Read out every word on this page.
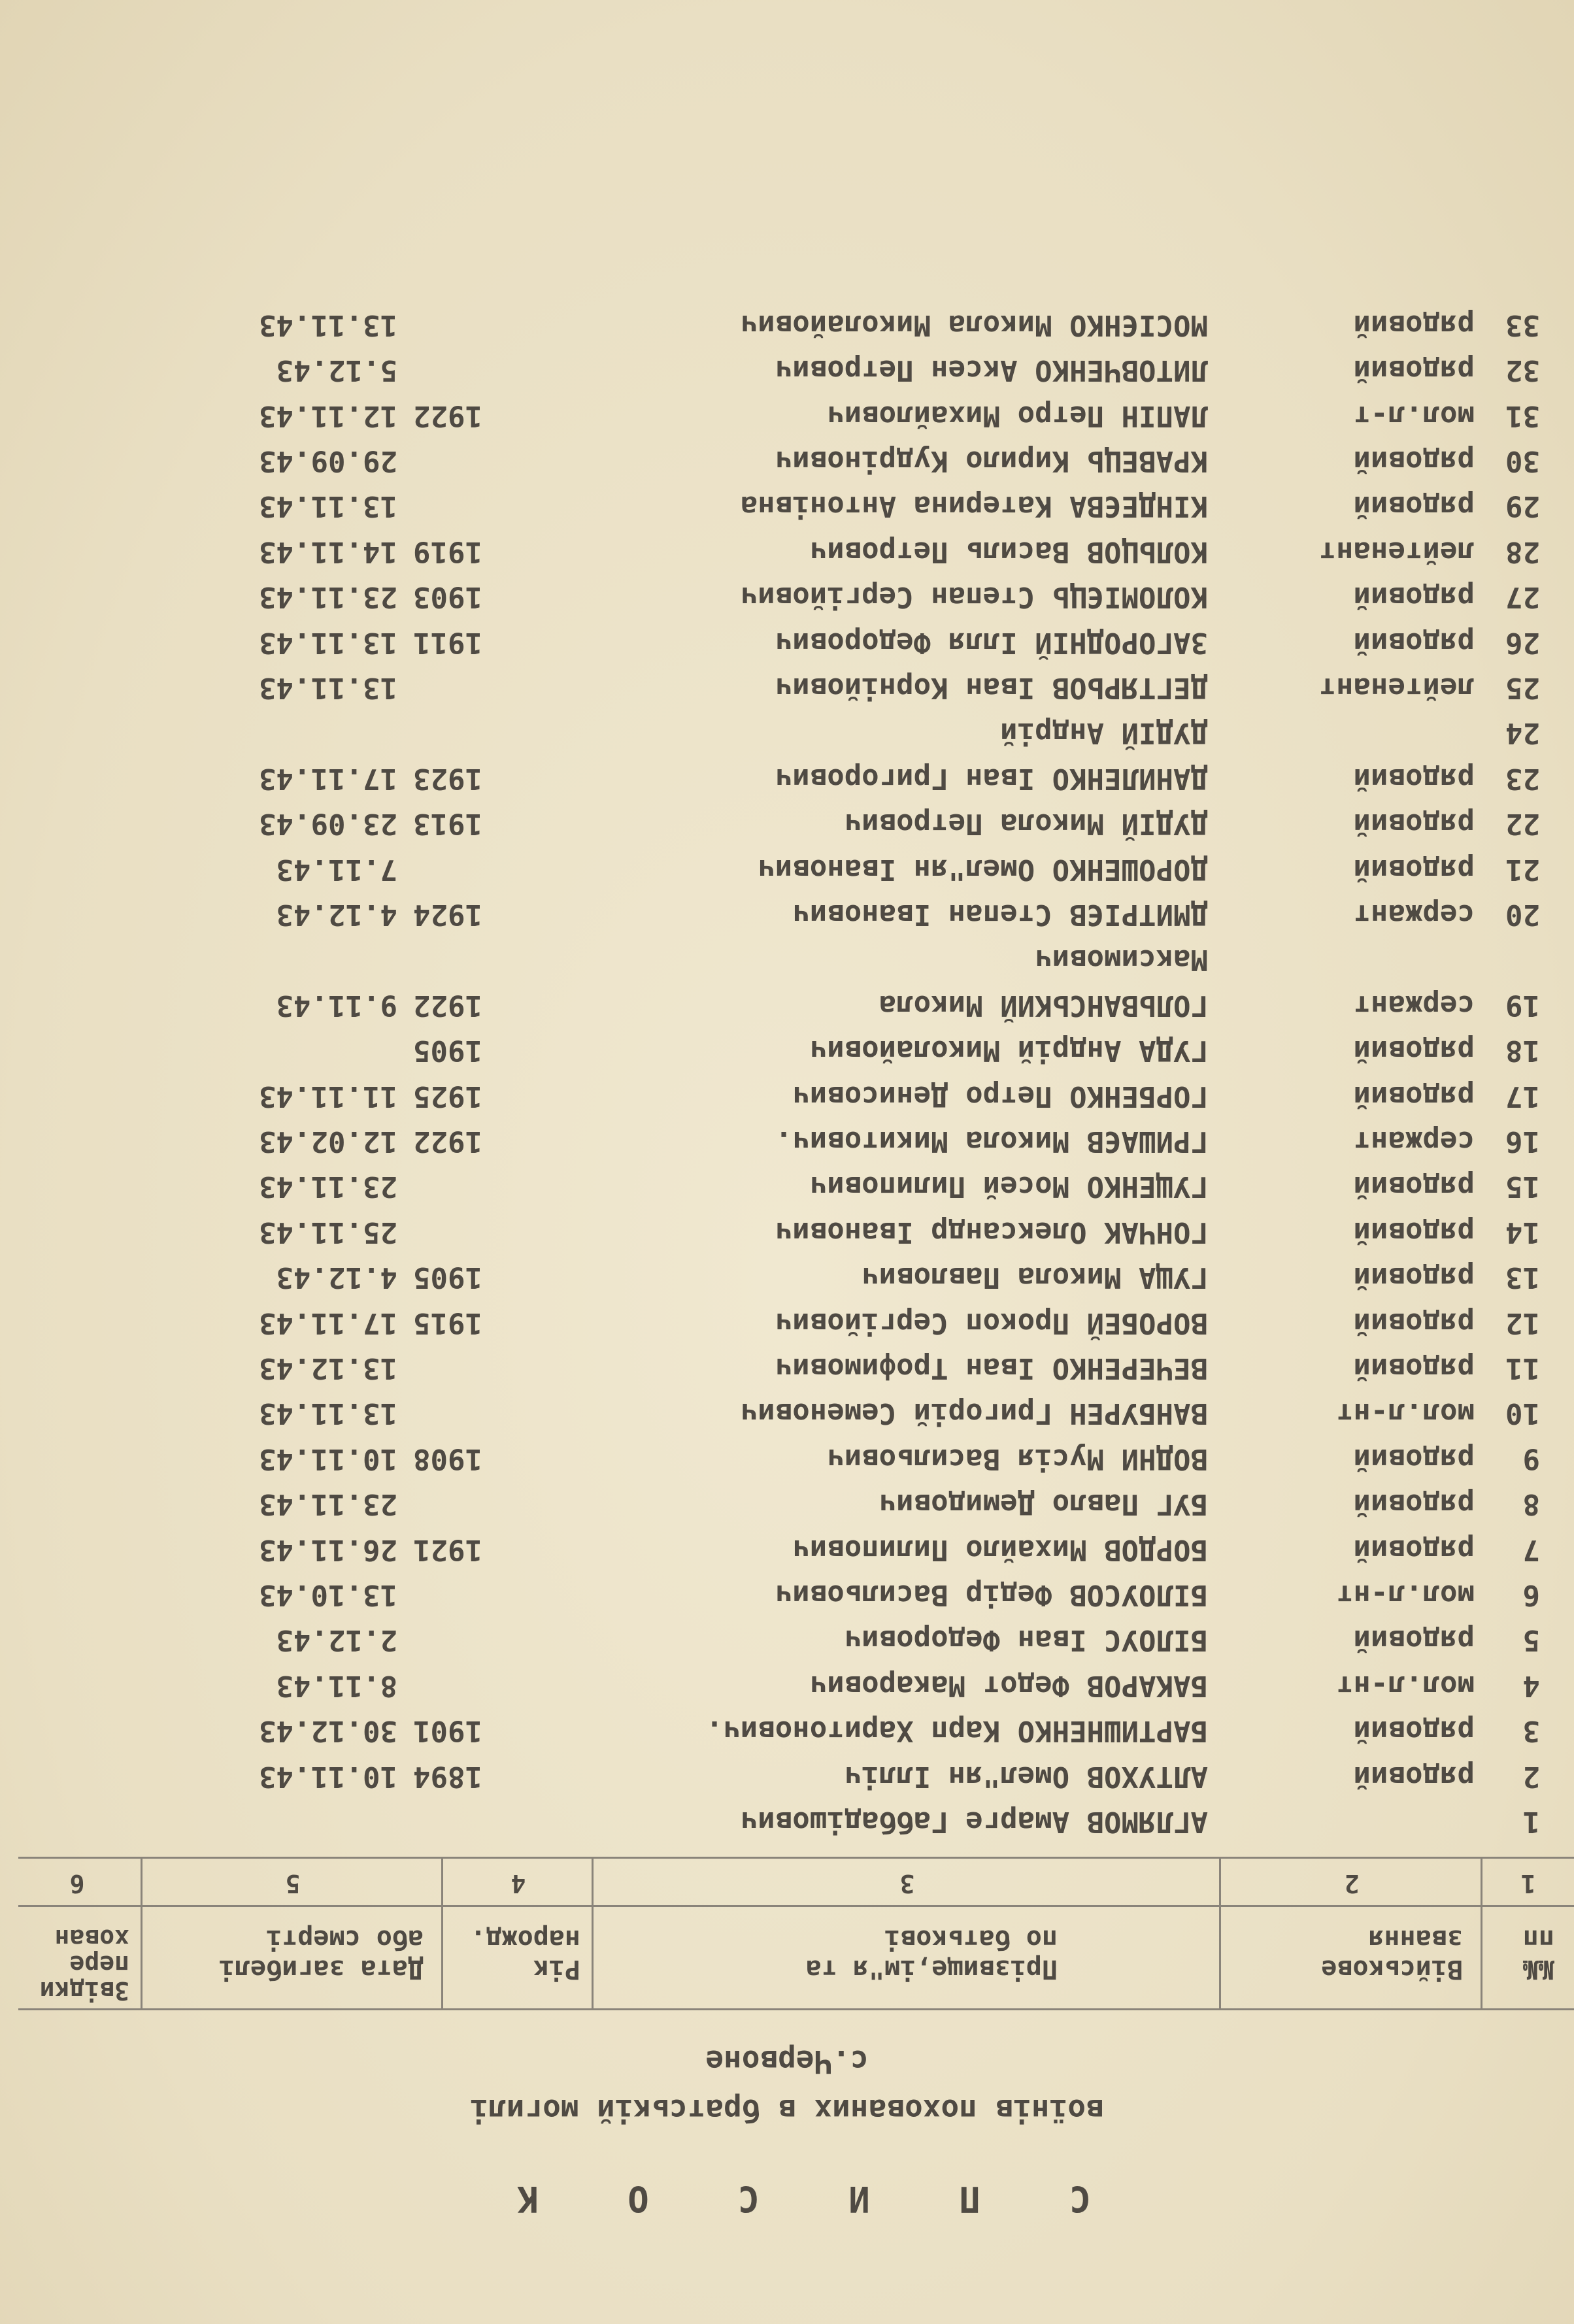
С П И С О К
воїнів похованих в братській могилі
с.Червоне
№№
пп
Військове
звання
Прізвище,ім"я та
по батькові
Рік
нарожд.
Дата загибелі
або смерті
Звідки
пере
хован
1
2
3
4
5
6
1
АГЛЯМОВ Амарге Габбадішович
2
рядовий
АЛТУХОВ Омел"ян Ілліч
1894
10.11.43
3
рядовий
БАРТИШНЕНКО Карп Харитонович.
1901
30.12.43
4
мол.л-нт
БАКАРОВ Федот Макарович
8.11.43
5
рядовий
БІЛОУС Іван Федорович
2.12.43
6
мол.л-нт
БІЛОУСОВ Федір Васильович
13.10.43
7
рядовий
БОРДОВ Михайло Пилипович
1921
26.11.43
8
рядовий
БУГ Павло Демидович
23.11.43
9
рядовий
ВОДНИ Мусія Васильович
1908
10.11.43
10
мол.л-нт
ВАНБУРЕН Григорій Семенович
13.11.43
11
рядовий
ВЕЧЕРЕНКО Іван Трофимович
13.12.43
12
рядовий
ВОРОБЕЙ Прокоп Сергійович
1915
17.11.43
13
рядовий
ГУЩА Микола Павлович
1905
4.12.43
14
рядовий
ГОНЧАК Олександр Іванович
25.11.43
15
рядовий
ГУЩЕНКО Мосей Пилипович
23.11.43
16
сержант
ГРИШАЄВ Микола Микитович.
1922
12.02.43
17
рядовий
ГОРБЕНКО Петро Денисович
1925
11.11.43
18
рядовий
ГУДА Андрій Миколайович
1905
19
сержант
ГОЛЬВАНСЬКИЙ Микола
1922
9.11.43
Максимович
20
сержант
ДМИТРІЄВ Степан Іванович
1924
4.12.43
21
рядовий
ДОРОШЕНКО Омел"ян Іванович
7.11.43
22
рядовий
ДУДІЙ Микола Петрович
1913
23.09.43
23
рядовий
ДАНИЛЕНКО Іван Григорович
1923
17.11.43
24
ДУДІЙ Андрій
25
лейтенант
ДЕГТЯРЬОВ Іван Корнійович
13.11.43
26
рядовий
ЗАГОРОДНІЙ Ілля Федорович
1911
13.11.43
27
рядовий
КОЛОМІЄЦЬ Степан Сергійович
1903
23.11.43
28
лейтенант
КОЛЬЦОВ Василь Петрович
1919
14.11.43
29
рядовий
КІНДЕЄВА Катерина Антонівна
13.11.43
30
рядовий
КРАВЕЦЬ Кирило Кудрінович
29.09.43
31
мол.л-т
ЛАПІН Петро Михайлович
1922
12.11.43
32
рядовий
ЛИТОВЧЕНКО Аксен Петрович
5.12.43
33
рядовий
МОСІЄНКО Микола Миколайович
13.11.43
